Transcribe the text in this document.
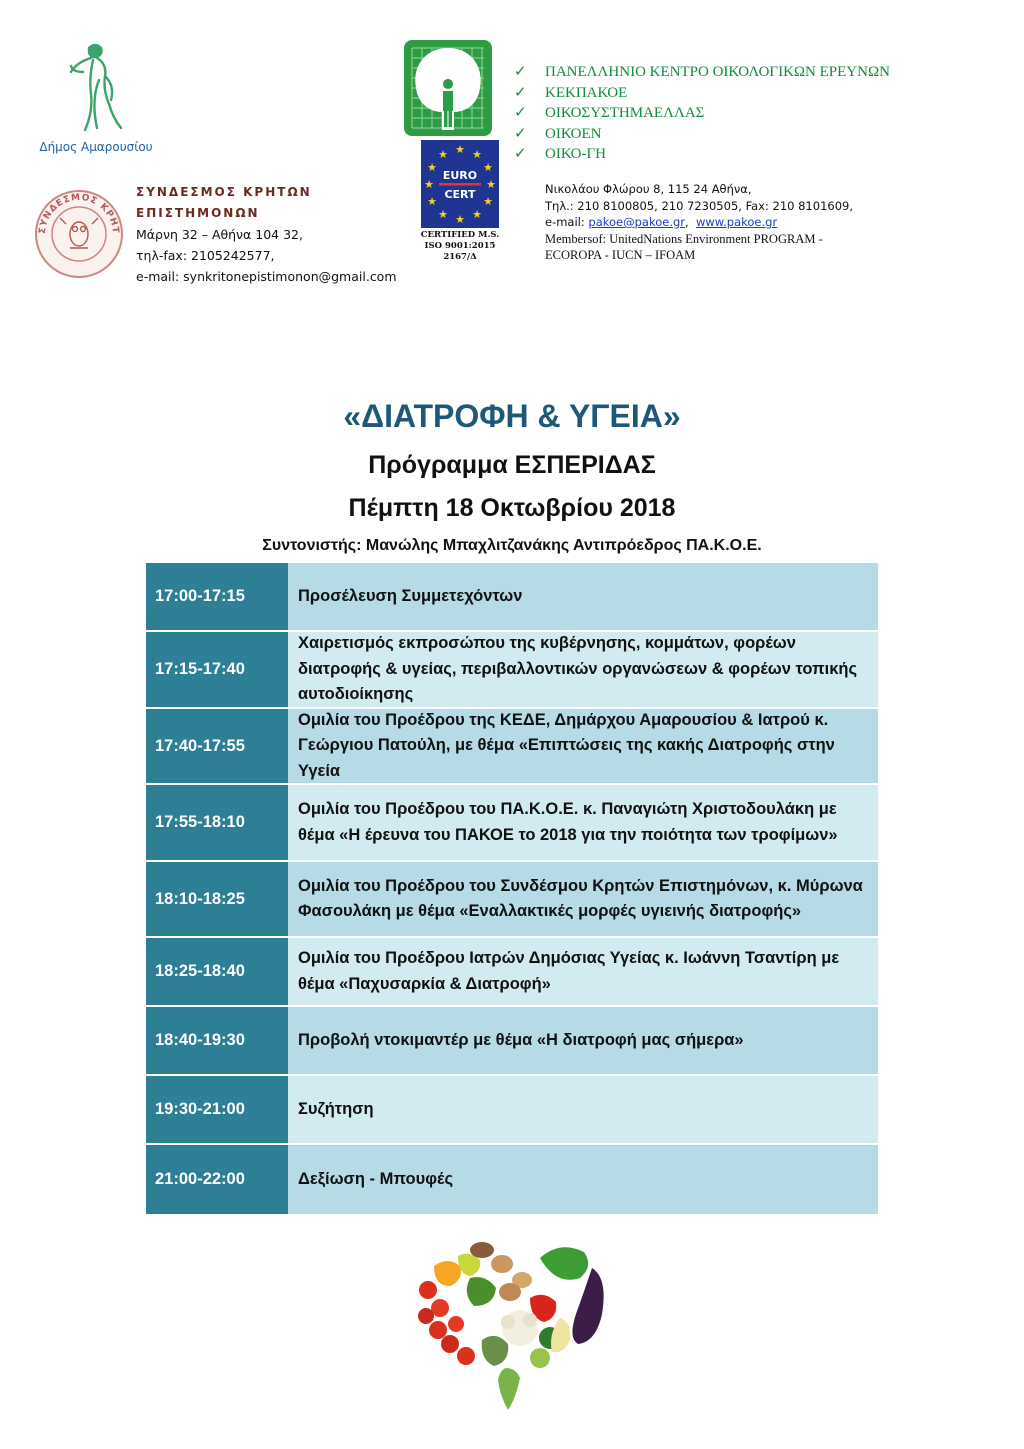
Δήμος Αμαρουσίου
ΣΥΝΔΕΣΜΟΣ ΚΡΗΤ
ΣΥΝΔΕΣΜΟΣ ΚΡΗΤΩΝ
ΕΠΙΣΤΗΜΟΝΩΝ
Μάρνη 32 – Αθήνα 104 32,
τηλ-fax: 2105242577,
e-mail: synkritonepistimonon@gmail.com
★ ★
★
★
★
★
★
★
★
★
★
★
EURO
CERT
CERTIFIED M.S.
ISO 9001:2015
2167/Δ
✓ ΠΑΝΕΛΛΗΝΙΟ ΚΕΝΤΡΟ ΟΙΚΟΛΟΓΙΚΩΝ ΕΡΕΥΝΩΝ
✓ ΚΕΚΠΑΚΟΕ
✓ ΟΙΚΟΣΥΣΤΗΜΑΕΛΛΑΣ
✓ ΟΙΚΟΕΝ
✓ ΟΙΚΟ-ΓΗ
Νικολάου Φλώρου 8, 115 24 Αθήνα,
Τηλ.: 210 8100805, 210 7230505, Fax: 210 8101609,
e-mail: pakoe@pakoe.gr,  www.pakoe.gr
Membersof: UnitedNations Environment PROGRAM -
ECOROPA - IUCN – IFOAM
«ΔΙΑΤΡΟΦΗ & ΥΓΕΙΑ»
Πρόγραμμα ΕΣΠΕΡΙΔΑΣ
Πέμπτη 18 Οκτωβρίου 2018
Συντονιστής: Μανώλης Μπαχλιτζανάκης Αντιπρόεδρος ΠΑ.Κ.Ο.Ε.
17:00-17:15	Προσέλευση Συμμετεχόντων
17:15-17:40
Χαιρετισμός εκπροσώπου της κυβέρνησης, κομμάτων, φορέων διατροφής & υγείας, περιβαλλοντικών οργανώσεων & φορέων τοπικής αυτοδιοίκησης
17:40-17:55
Ομιλία του Προέδρου της ΚΕΔΕ, Δημάρχου Αμαρουσίου & Ιατρού κ. Γεώργιου Πατούλη, με θέμα «Επιπτώσεις της κακής Διατροφής στην Υγεία
17:55-18:10
Ομιλία του Προέδρου του ΠΑ.Κ.Ο.Ε. κ. Παναγιώτη Χριστοδουλάκη με θέμα «Η έρευνα του ΠΑΚΟΕ το 2018 για την ποιότητα των τροφίμων»
18:10-18:25
Ομιλία του Προέδρου του Συνδέσμου Κρητών Επιστημόνων, κ. Μύρωνα Φασουλάκη με θέμα «Εναλλακτικές μορφές υγιεινής διατροφής»
18:25-18:40
Ομιλία του Προέδρου Ιατρών Δημόσιας Υγείας κ. Ιωάννη Τσαντίρη με θέμα «Παχυσαρκία & Διατροφή»
18:40-19:30	Προβολή ντοκιμαντέρ με θέμα «Η διατροφή μας σήμερα»
19:30-21:00	Συζήτηση
21:00-22:00	Δεξίωση - Μπουφές
